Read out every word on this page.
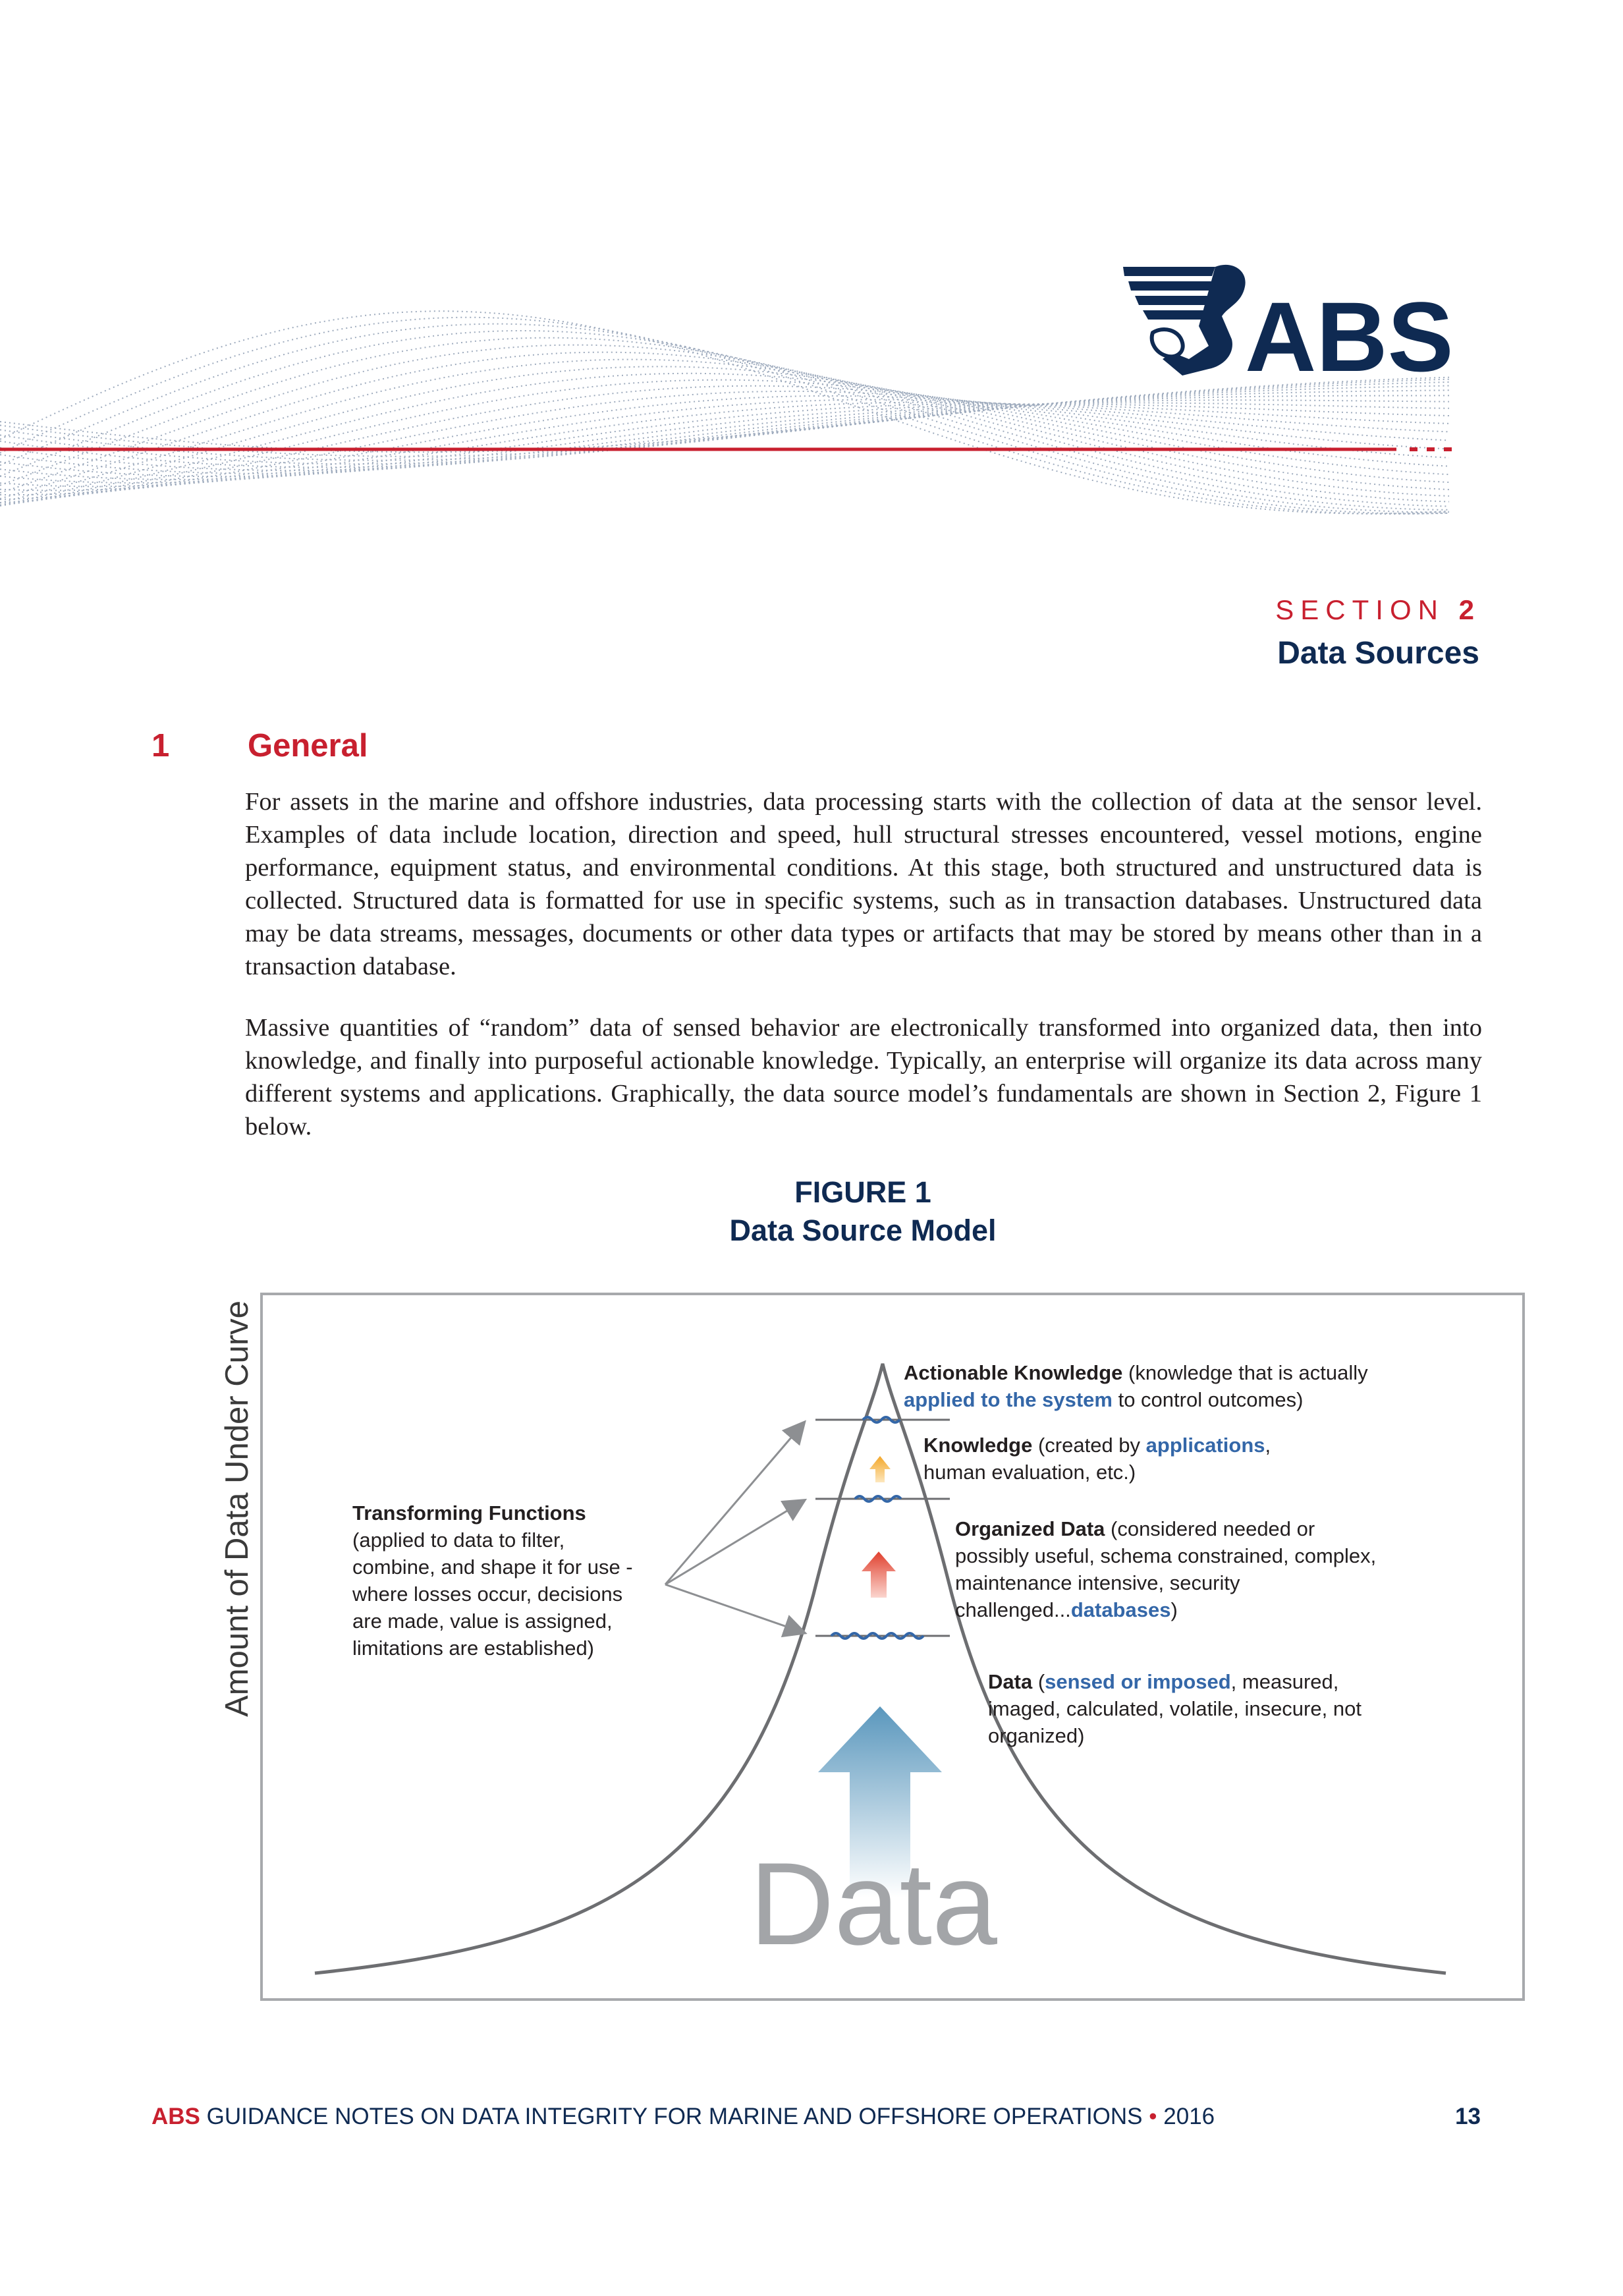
ABS
SECTION 2
Data Sources
1 General
For assets in the marine and offshore industries, data processing starts with the collection of data at the sensor level. Examples of data include location, direction and speed, hull structural stresses encountered, vessel motions, engine performance, equipment status, and environmental conditions. At this stage, both structured and unstructured data is collected. Structured data is formatted for use in specific systems, such as in transaction databases. Unstructured data may be data streams, messages, documents or other data types or artifacts that may be stored by means other than in a transaction database.
Massive quantities of “random” data of sensed behavior are electronically transformed into organized data, then into knowledge, and finally into purposeful actionable knowledge. Typically, an enterprise will organize its data across many different systems and applications. Graphically, the data source model’s fundamentals are shown in Section 2, Figure 1 below.
FIGURE 1
Data Source Model
Amount of Data Under Curve
Data
Transforming Functions
(applied to data to filter, combine, and shape it for use - where losses occur, decisions are made, value is assigned, limitations are established)
Actionable Knowledge (knowledge that is actually applied to the system to control outcomes)
Knowledge (created by applications, human evaluation, etc.)
Organized Data (considered needed or possibly useful, schema constrained, complex, maintenance intensive, security challenged...databases)
Data (sensed or imposed, measured, imaged, calculated, volatile, insecure, not organized)
ABS GUIDANCE NOTES ON DATA INTEGRITY FOR MARINE AND OFFSHORE OPERATIONS • 2016	13
